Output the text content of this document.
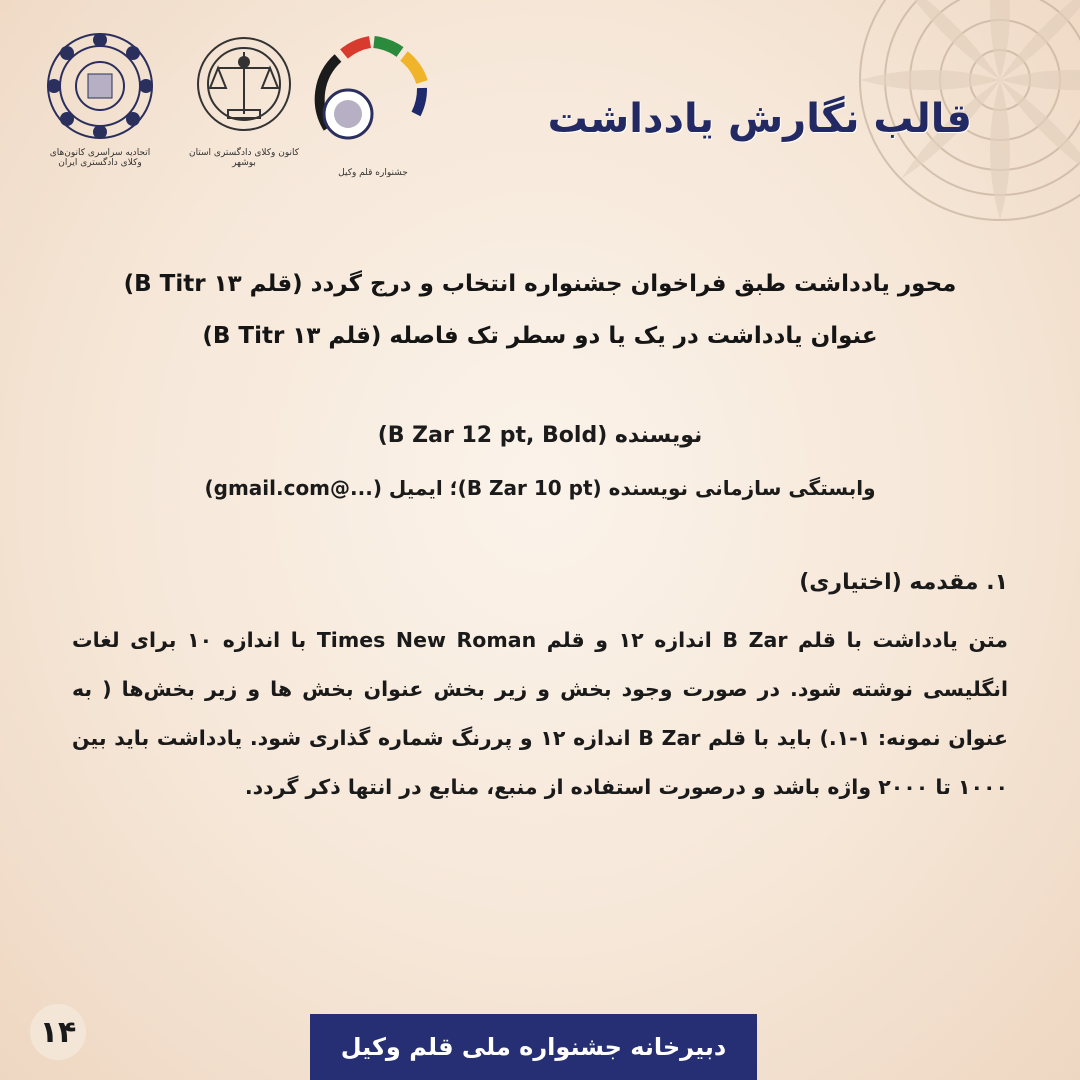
اتحادیه سراسری کانون‌های وکلای دادگستری ایران
کانون وکلای دادگستری استان بوشهر
جشنواره قلم وکیل
قالب نگارش یادداشت
محور یادداشت طبق فراخوان جشنواره انتخاب و درج گردد (قلم ۱۳ B Titr)
عنوان یادداشت در یک یا دو سطر تک فاصله (قلم ۱۳ B Titr)
نویسنده (B Zar 12 pt, Bold)
وابستگی سازمانی نویسنده (B Zar 10 pt)؛ ایمیل (...@gmail.com)
۱. مقدمه (اختیاری)
متن یادداشت با قلم B Zar اندازه ۱۲ و قلم Times New Roman با اندازه ۱۰ برای لغات انگلیسی نوشته شود. در صورت وجود بخش و زیر بخش عنوان بخش ها و زیر بخش‌ها ( به عنوان نمونه: ۱-۱.) باید با قلم B Zar اندازه ۱۲ و پررنگ شماره گذاری شود. یادداشت باید بین ۱۰۰۰ تا ۲۰۰۰ واژه باشد و درصورت استفاده از منبع، منابع در انتها ذکر گردد.
۱۴	دبیرخانه جشنواره ملی قلم وکیل
